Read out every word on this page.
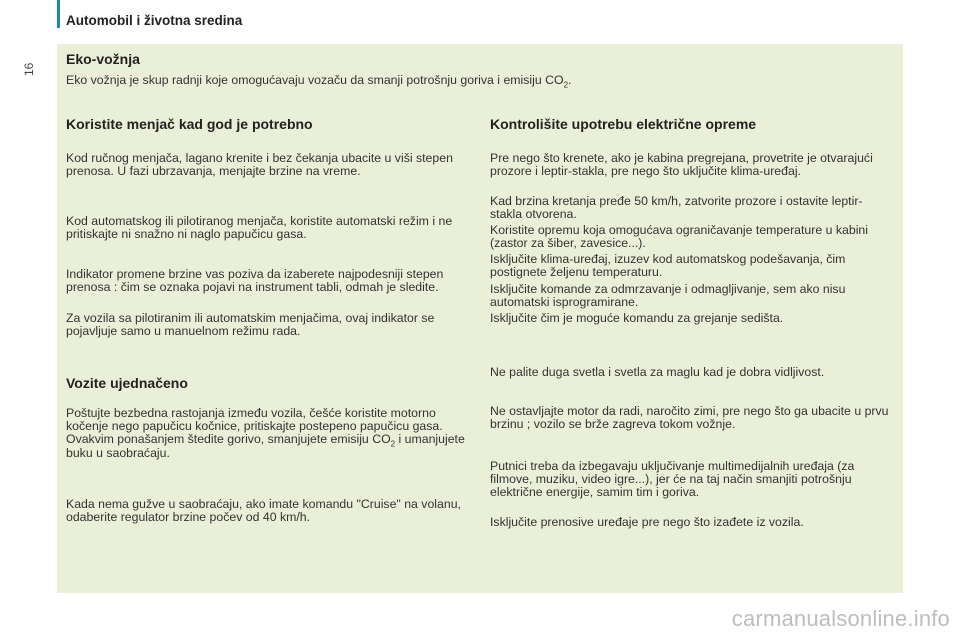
Automobil i životna sredina
16
Eko-vožnja
Eko vožnja je skup radnji koje omogućavaju vozaču da smanji potrošnju goriva i emisiju $CO_2$.
Koristite menjač kad god je potrebno
Kod ručnog menjača, lagano krenite i bez čekanja ubacite u viši stepen prenosa. U fazi ubrzavanja, menjajte brzine na vreme.
Kod automatskog ili pilotiranog menjača, koristite automatski režim i ne pritiskajte ni snažno ni naglo papučicu gasa.
Indikator promene brzine vas poziva da izaberete najpodesniji stepen prenosa : čim se oznaka pojavi na instrument tabli, odmah je sledite.
Za vozila sa pilotiranim ili automatskim menjačima, ovaj indikator se pojavljuje samo u manuelnom režimu rada.
Vozite ujednačeno
Poštujte bezbedna rastojanja između vozila, češće koristite motorno kočenje nego papučicu kočnice, pritiskajte postepeno papučicu gasa. Ovakvim ponašanjem štedite gorivo, smanjujete emisiju $CO_2$ i umanjujete buku u saobraćaju.
Kada nema gužve u saobraćaju, ako imate komandu "Cruise" na volanu, odaberite regulator brzine počev od 40 km/h.
Kontrolišite upotrebu električne opreme
Pre nego što krenete, ako je kabina pregrejana, provetrite je otvarajući prozore i leptir-stakla, pre nego što uključite klima-uređaj.
Kad brzina kretanja pređe 50 km/h, zatvorite prozore i ostavite leptir-stakla otvorena.
Koristite opremu koja omogućava ograničavanje temperature u kabini (zastor za šiber, zavesice...).
Isključite klima-uređaj, izuzev kod automatskog podešavanja, čim postignete željenu temperaturu.
Isključite komande za odmrzavanje i odmagljivanje, sem ako nisu automatski isprogramirane.
Isključite čim je moguće komandu za grejanje sedišta.
Ne palite duga svetla i svetla za maglu kad je dobra vidljivost.
Ne ostavljajte motor da radi, naročito zimi, pre nego što ga ubacite u prvu brzinu ; vozilo se brže zagreva tokom vožnje.
Putnici treba da izbegavaju uključivanje multimedijalnih uređaja (za filmove, muziku, video igre...), jer će na taj način smanjiti potrošnju električne energije, samim tim i goriva.
Isključite prenosive uređaje pre nego što izađete iz vozila.
carmanualsonline.info
